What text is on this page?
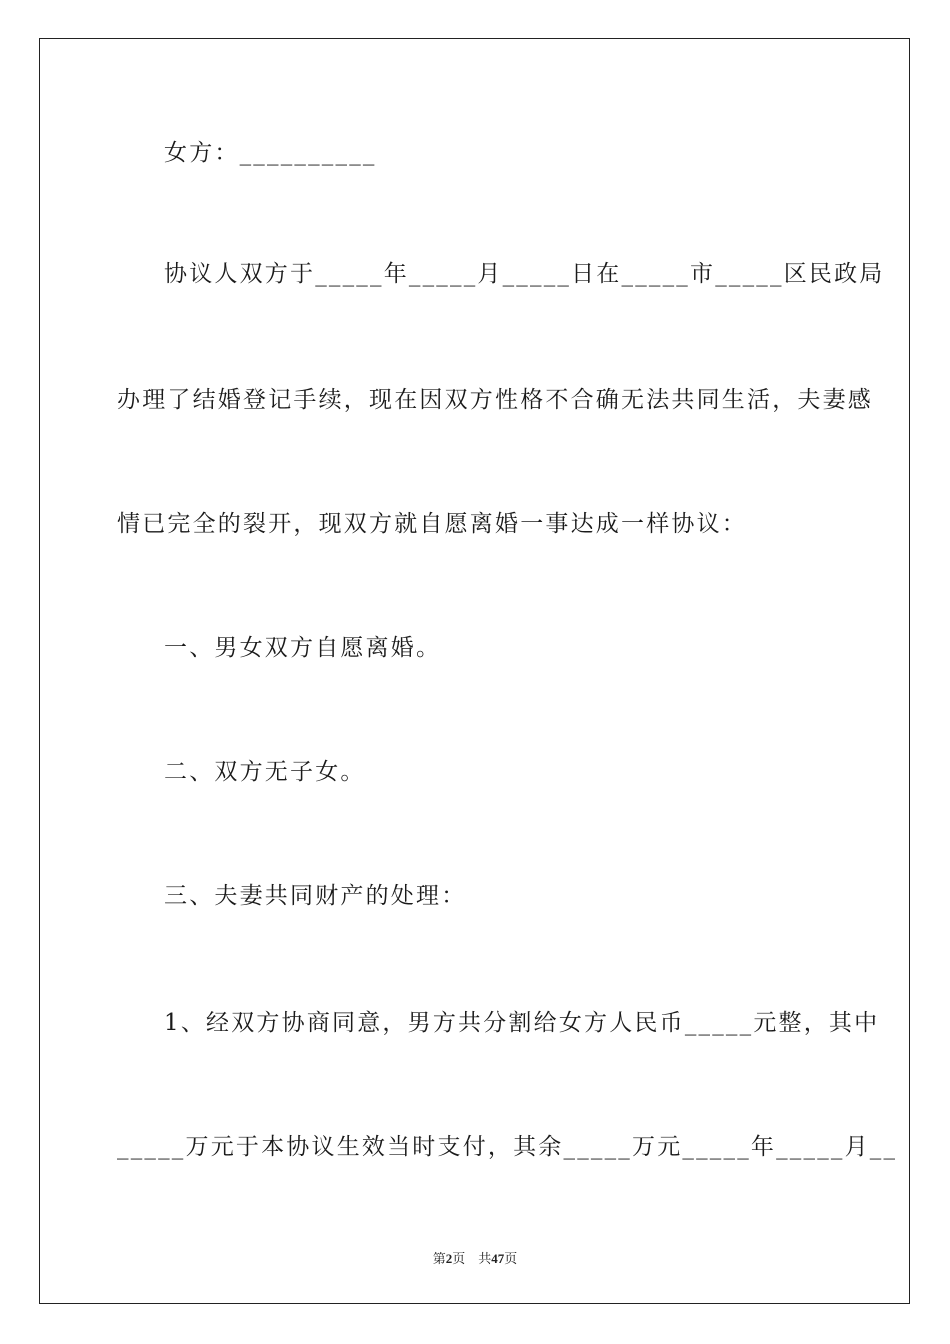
女方：__________
协议人双方于_____年_____月_____日在_____市_____区民政局
办理了结婚登记手续，现在因双方性格不合确无法共同生活，夫妻感
情已完全的裂开，现双方就自愿离婚一事达成一样协议：
一、男女双方自愿离婚。
二、双方无子女。
三、夫妻共同财产的处理：
1、经双方协商同意，男方共分割给女方人民币_____元整，其中
_____万元于本协议生效当时支付，其余_____万元_____年_____月__
第2页 共47页
